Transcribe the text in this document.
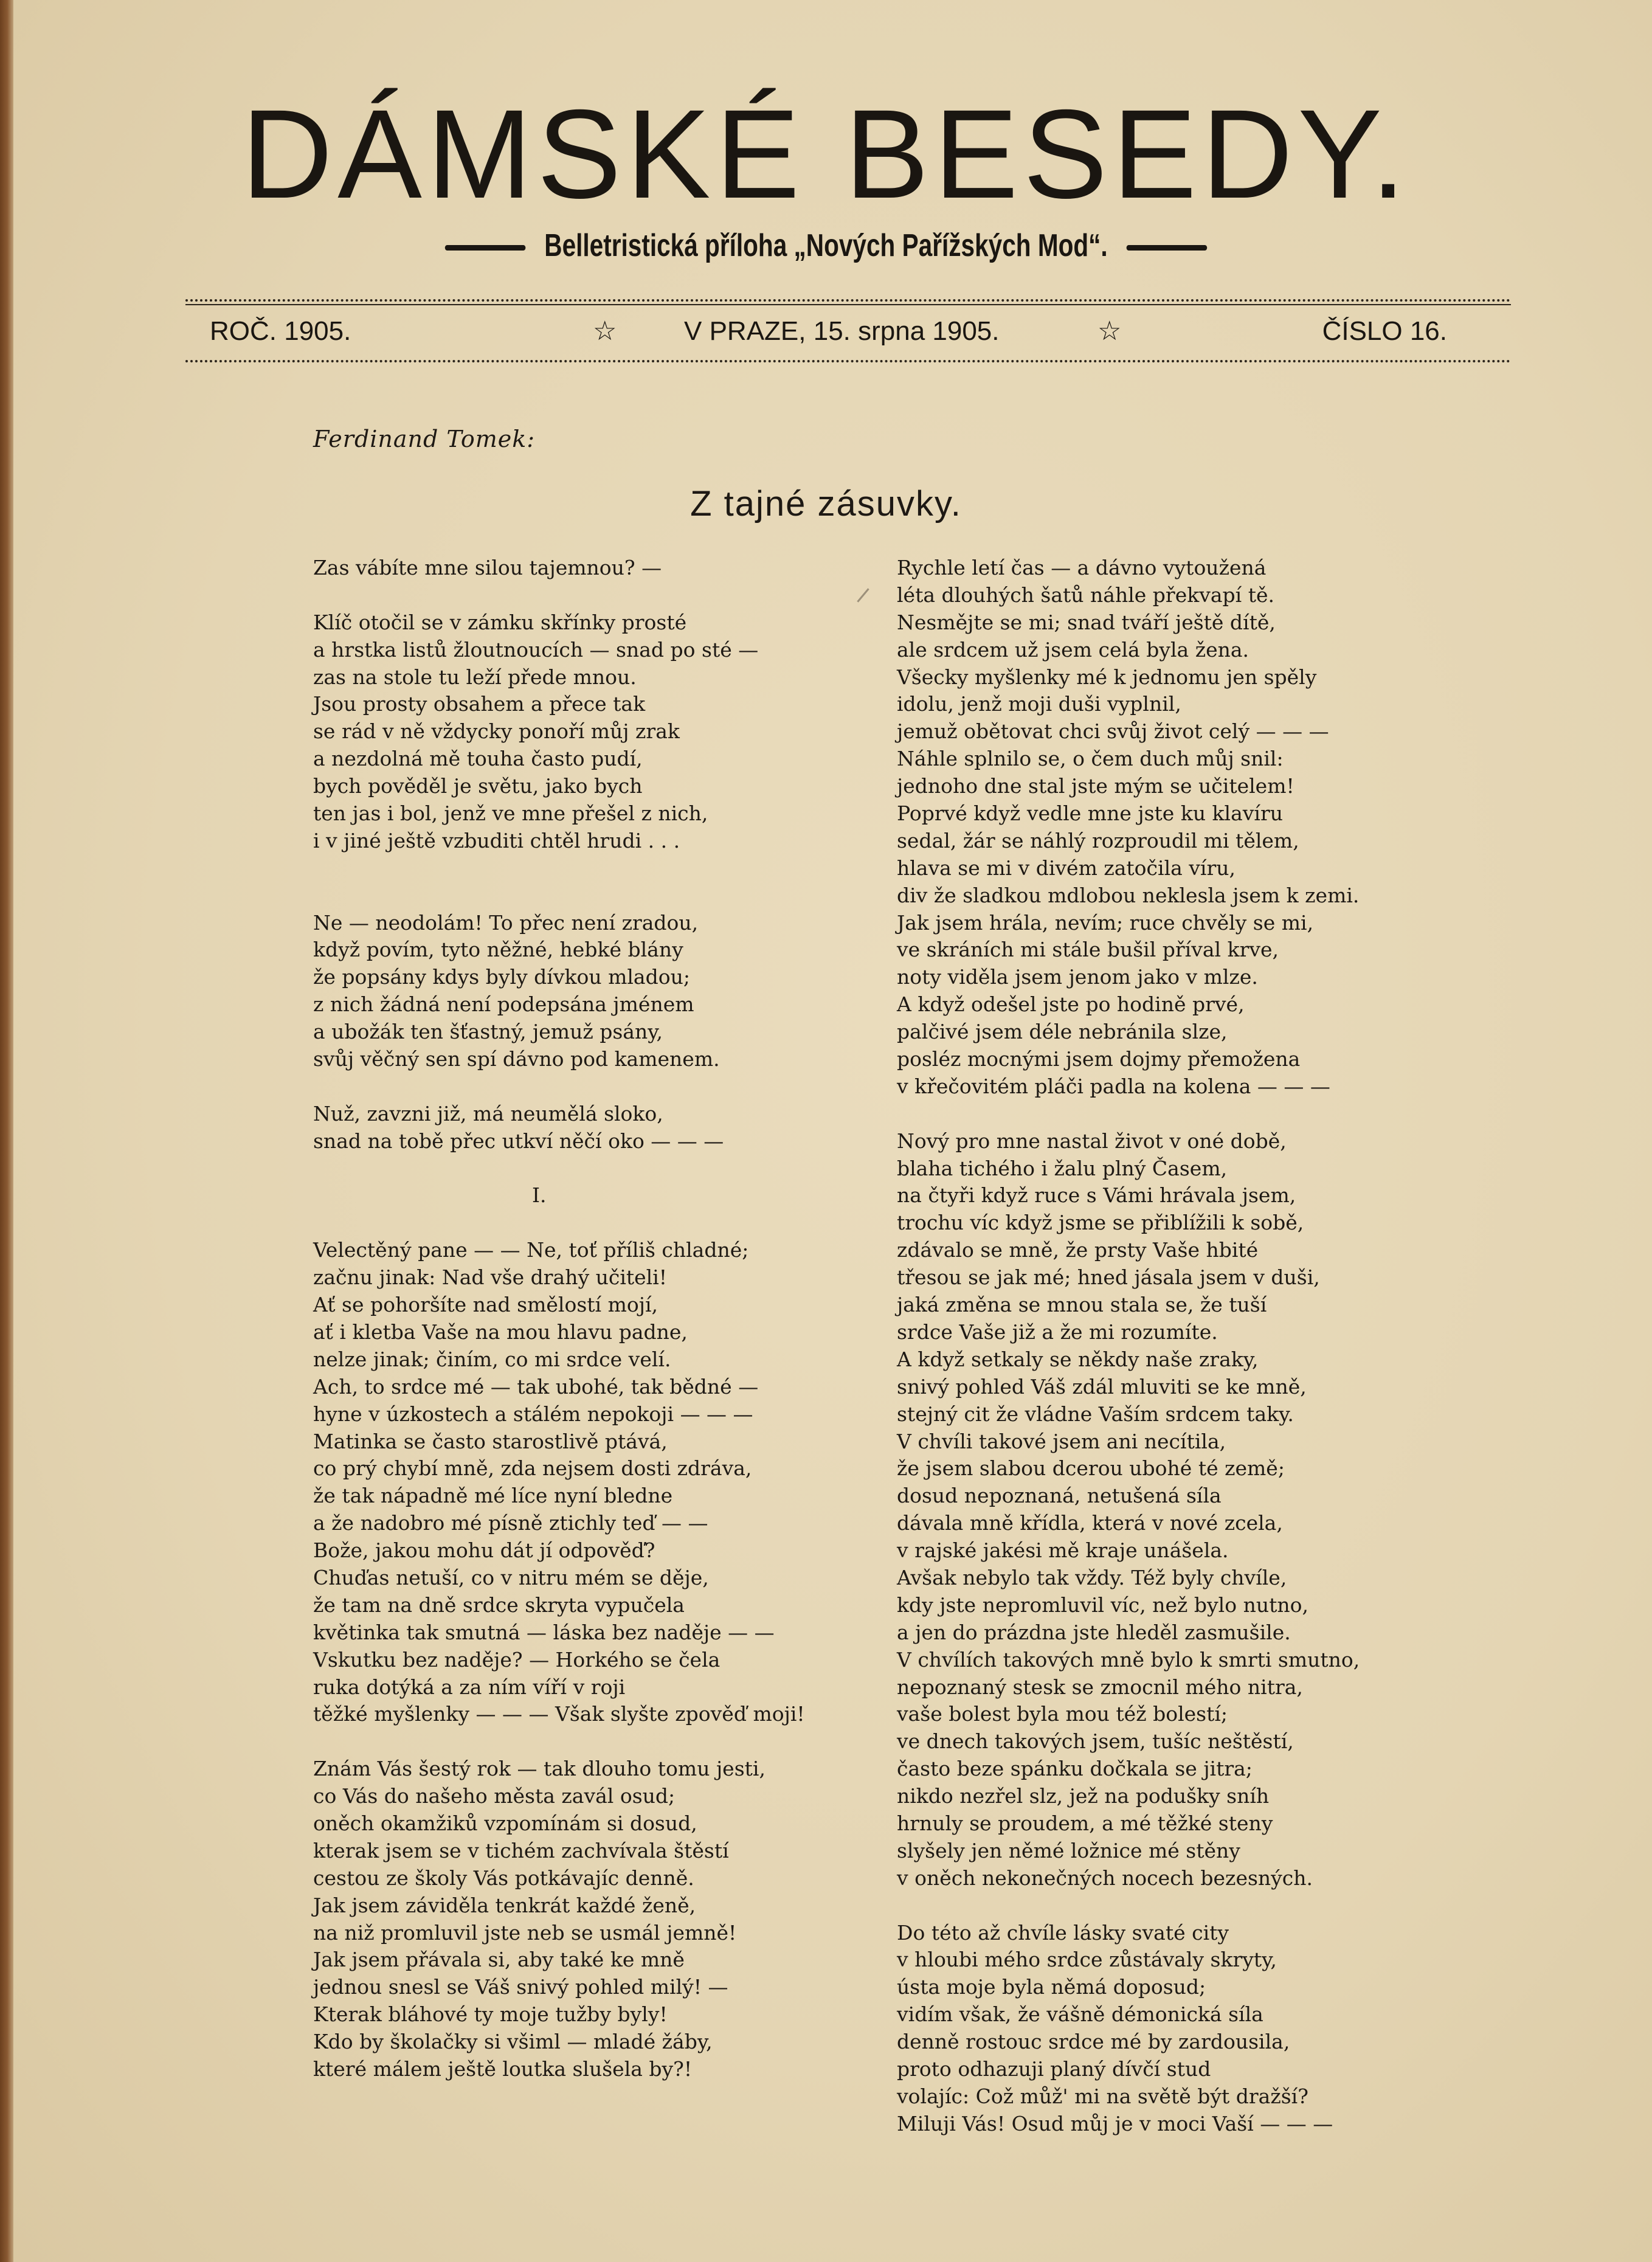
DÁMSKÉ BESEDY.
Belletristická příloha „Nových Pařížských Mod“.
ROČ. 1905.	☆	V PRAZE, 15. srpna 1905.	☆	ČÍSLO 16.
Ferdinand Tomek:
Z tajné zásuvky.
Zas vábíte mne silou tajemnou? —
Klíč otočil se v zámku skřínky prosté
a hrstka listů žloutnoucích — snad po sté —
zas na stole tu leží přede mnou.
Jsou prosty obsahem a přece tak
se rád v ně vždycky ponoří můj zrak
a nezdolná mě touha často pudí,
bych pověděl je světu, jako bych
ten jas i bol, jenž ve mne přešel z nich,
i v jiné ještě vzbuditi chtěl hrudi . . .
Ne — neodolám! To přec není zradou,
když povím, tyto něžné, hebké blány
že popsány kdys byly dívkou mladou;
z nich žádná není podepsána jménem
a ubožák ten šťastný, jemuž psány,
svůj věčný sen spí dávno pod kamenem.
Nuž, zavzni již, má neumělá sloko,
snad na tobě přec utkví něčí oko — — —
I.
Velectěný pane — — Ne, toť příliš chladné;
začnu jinak: Nad vše drahý učiteli!
Ať se pohoršíte nad smělostí mojí,
ať i kletba Vaše na mou hlavu padne,
nelze jinak; činím, co mi srdce velí.
Ach, to srdce mé — tak ubohé, tak bědné —
hyne v úzkostech a stálém nepokoji — — —
Matinka se často starostlivě ptává,
co prý chybí mně, zda nejsem dosti zdráva,
že tak nápadně mé líce nyní bledne
a že nadobro mé písně ztichly teď — —
Bože, jakou mohu dát jí odpověď?
Chuďas netuší, co v nitru mém se děje,
že tam na dně srdce skryta vypučela
květinka tak smutná — láska bez naděje — —
Vskutku bez naděje? — Horkého se čela
ruka dotýká a za ním víří v roji
těžké myšlenky — — — Však slyšte zpověď moji!
Znám Vás šestý rok — tak dlouho tomu jesti,
co Vás do našeho města zavál osud;
oněch okamžiků vzpomínám si dosud,
kterak jsem se v tichém zachvívala štěstí
cestou ze školy Vás potkávajíc denně.
Jak jsem záviděla tenkrát každé ženě,
na niž promluvil jste neb se usmál jemně!
Jak jsem přávala si, aby také ke mně
jednou snesl se Váš snivý pohled milý! —
Kterak bláhové ty moje tužby byly!
Kdo by školačky si všiml — mladé žáby,
které málem ještě loutka slušela by?!
Rychle letí čas — a dávno vytoužená
léta dlouhých šatů náhle překvapí tě.
Nesmějte se mi; snad tváří ještě dítě,
ale srdcem už jsem celá byla žena.
Všecky myšlenky mé k jednomu jen spěly
idolu, jenž moji duši vyplnil,
jemuž obětovat chci svůj život celý — — —
Náhle splnilo se, o čem duch můj snil:
jednoho dne stal jste mým se učitelem!
Poprvé když vedle mne jste ku klavíru
sedal, žár se náhlý rozproudil mi tělem,
hlava se mi v divém zatočila víru,
div že sladkou mdlobou neklesla jsem k zemi.
Jak jsem hrála, nevím; ruce chvěly se mi,
ve skráních mi stále bušil příval krve,
noty viděla jsem jenom jako v mlze.
A když odešel jste po hodině prvé,
palčivé jsem déle nebránila slze,
posléz mocnými jsem dojmy přemožena
v křečovitém pláči padla na kolena — — —
Nový pro mne nastal život v oné době,
blaha tichého i žalu plný Časem,
na čtyři když ruce s Vámi hrávala jsem,
trochu víc když jsme se přiblížili k sobě,
zdávalo se mně, že prsty Vaše hbité
třesou se jak mé; hned jásala jsem v duši,
jaká změna se mnou stala se, že tuší
srdce Vaše již a že mi rozumíte.
A když setkaly se někdy naše zraky,
snivý pohled Váš zdál mluviti se ke mně,
stejný cit že vládne Vaším srdcem taky.
V chvíli takové jsem ani necítila,
že jsem slabou dcerou ubohé té země;
dosud nepoznaná, netušená síla
dávala mně křídla, která v nové zcela,
v rajské jakési mě kraje unášela.
Avšak nebylo tak vždy. Též byly chvíle,
kdy jste nepromluvil víc, než bylo nutno,
a jen do prázdna jste hleděl zasmušile.
V chvílích takových mně bylo k smrti smutno,
nepoznaný stesk se zmocnil mého nitra,
vaše bolest byla mou též bolestí;
ve dnech takových jsem, tušíc neštěstí,
často beze spánku dočkala se jitra;
nikdo nezřel slz, jež na podušky sníh
hrnuly se proudem, a mé těžké steny
slyšely jen němé ložnice mé stěny
v oněch nekonečných nocech bezesných.
Do této až chvíle lásky svaté city
v hloubi mého srdce zůstávaly skryty,
ústa moje byla němá doposud;
vidím však, že vášně démonická síla
denně rostouc srdce mé by zardousila,
proto odhazuji planý dívčí stud
volajíc: Což můž' mi na světě být dražší?
Miluji Vás! Osud můj je v moci Vaší — — —
